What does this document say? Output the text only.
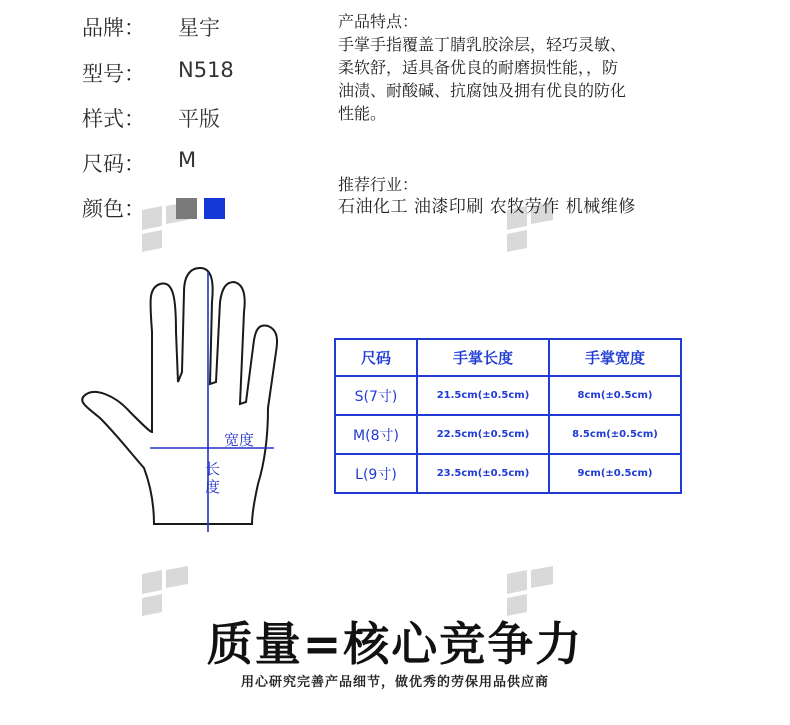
品牌： 星宇
型号： N518
样式： 平版
尺码： M
颜色：
产品特点：
手掌手指覆盖丁腈乳胶涂层，轻巧灵敏、
柔软舒，适具备优良的耐磨损性能，，防
油渍、耐酸碱、抗腐蚀及拥有优良的防化
性能。
推荐行业：
石油化工 油漆印刷 农牧劳作 机械维修
宽度
长
度
尺码	手掌长度	手掌宽度
S(7寸)	21.5cm(±0.5cm)	8cm(±0.5cm)
M(8寸)	22.5cm(±0.5cm)	8.5cm(±0.5cm)
L(9寸)	23.5cm(±0.5cm)	9cm(±0.5cm)
质量=核心竞争力
用心研究完善产品细节，做优秀的劳保用品供应商
